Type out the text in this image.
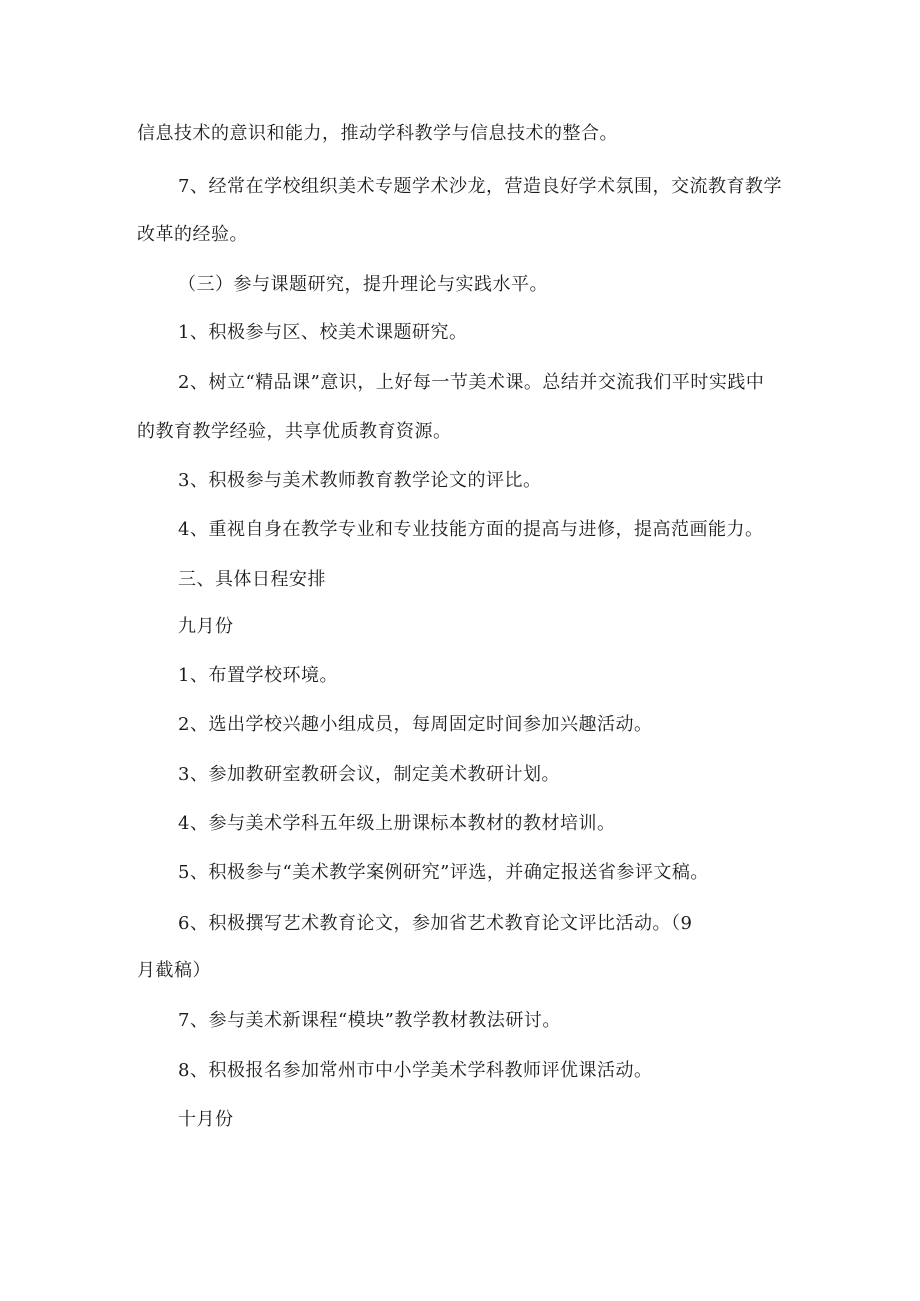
信息技术的意识和能力，推动学科教学与信息技术的整合。
7、经常在学校组织美术专题学术沙龙，营造良好学术氛围，交流教育教学
改革的经验。
（三）参与课题研究，提升理论与实践水平。
1、积极参与区、校美术课题研究。
2、树立“精品课”意识，上好每一节美术课。总结并交流我们平时实践中
的教育教学经验，共享优质教育资源。
3、积极参与美术教师教育教学论文的评比。
4、重视自身在教学专业和专业技能方面的提高与进修，提高范画能力。
三、具体日程安排
九月份
1、布置学校环境。
2、选出学校兴趣小组成员，每周固定时间参加兴趣活动。
3、参加教研室教研会议，制定美术教研计划。
4、参与美术学科五年级上册课标本教材的教材培训。
5、积极参与“美术教学案例研究”评选，并确定报送省参评文稿。
6、积极撰写艺术教育论文，参加省艺术教育论文评比活动。（9
月截稿）
7、参与美术新课程“模块”教学教材教法研讨。
8、积极报名参加常州市中小学美术学科教师评优课活动。
十月份
